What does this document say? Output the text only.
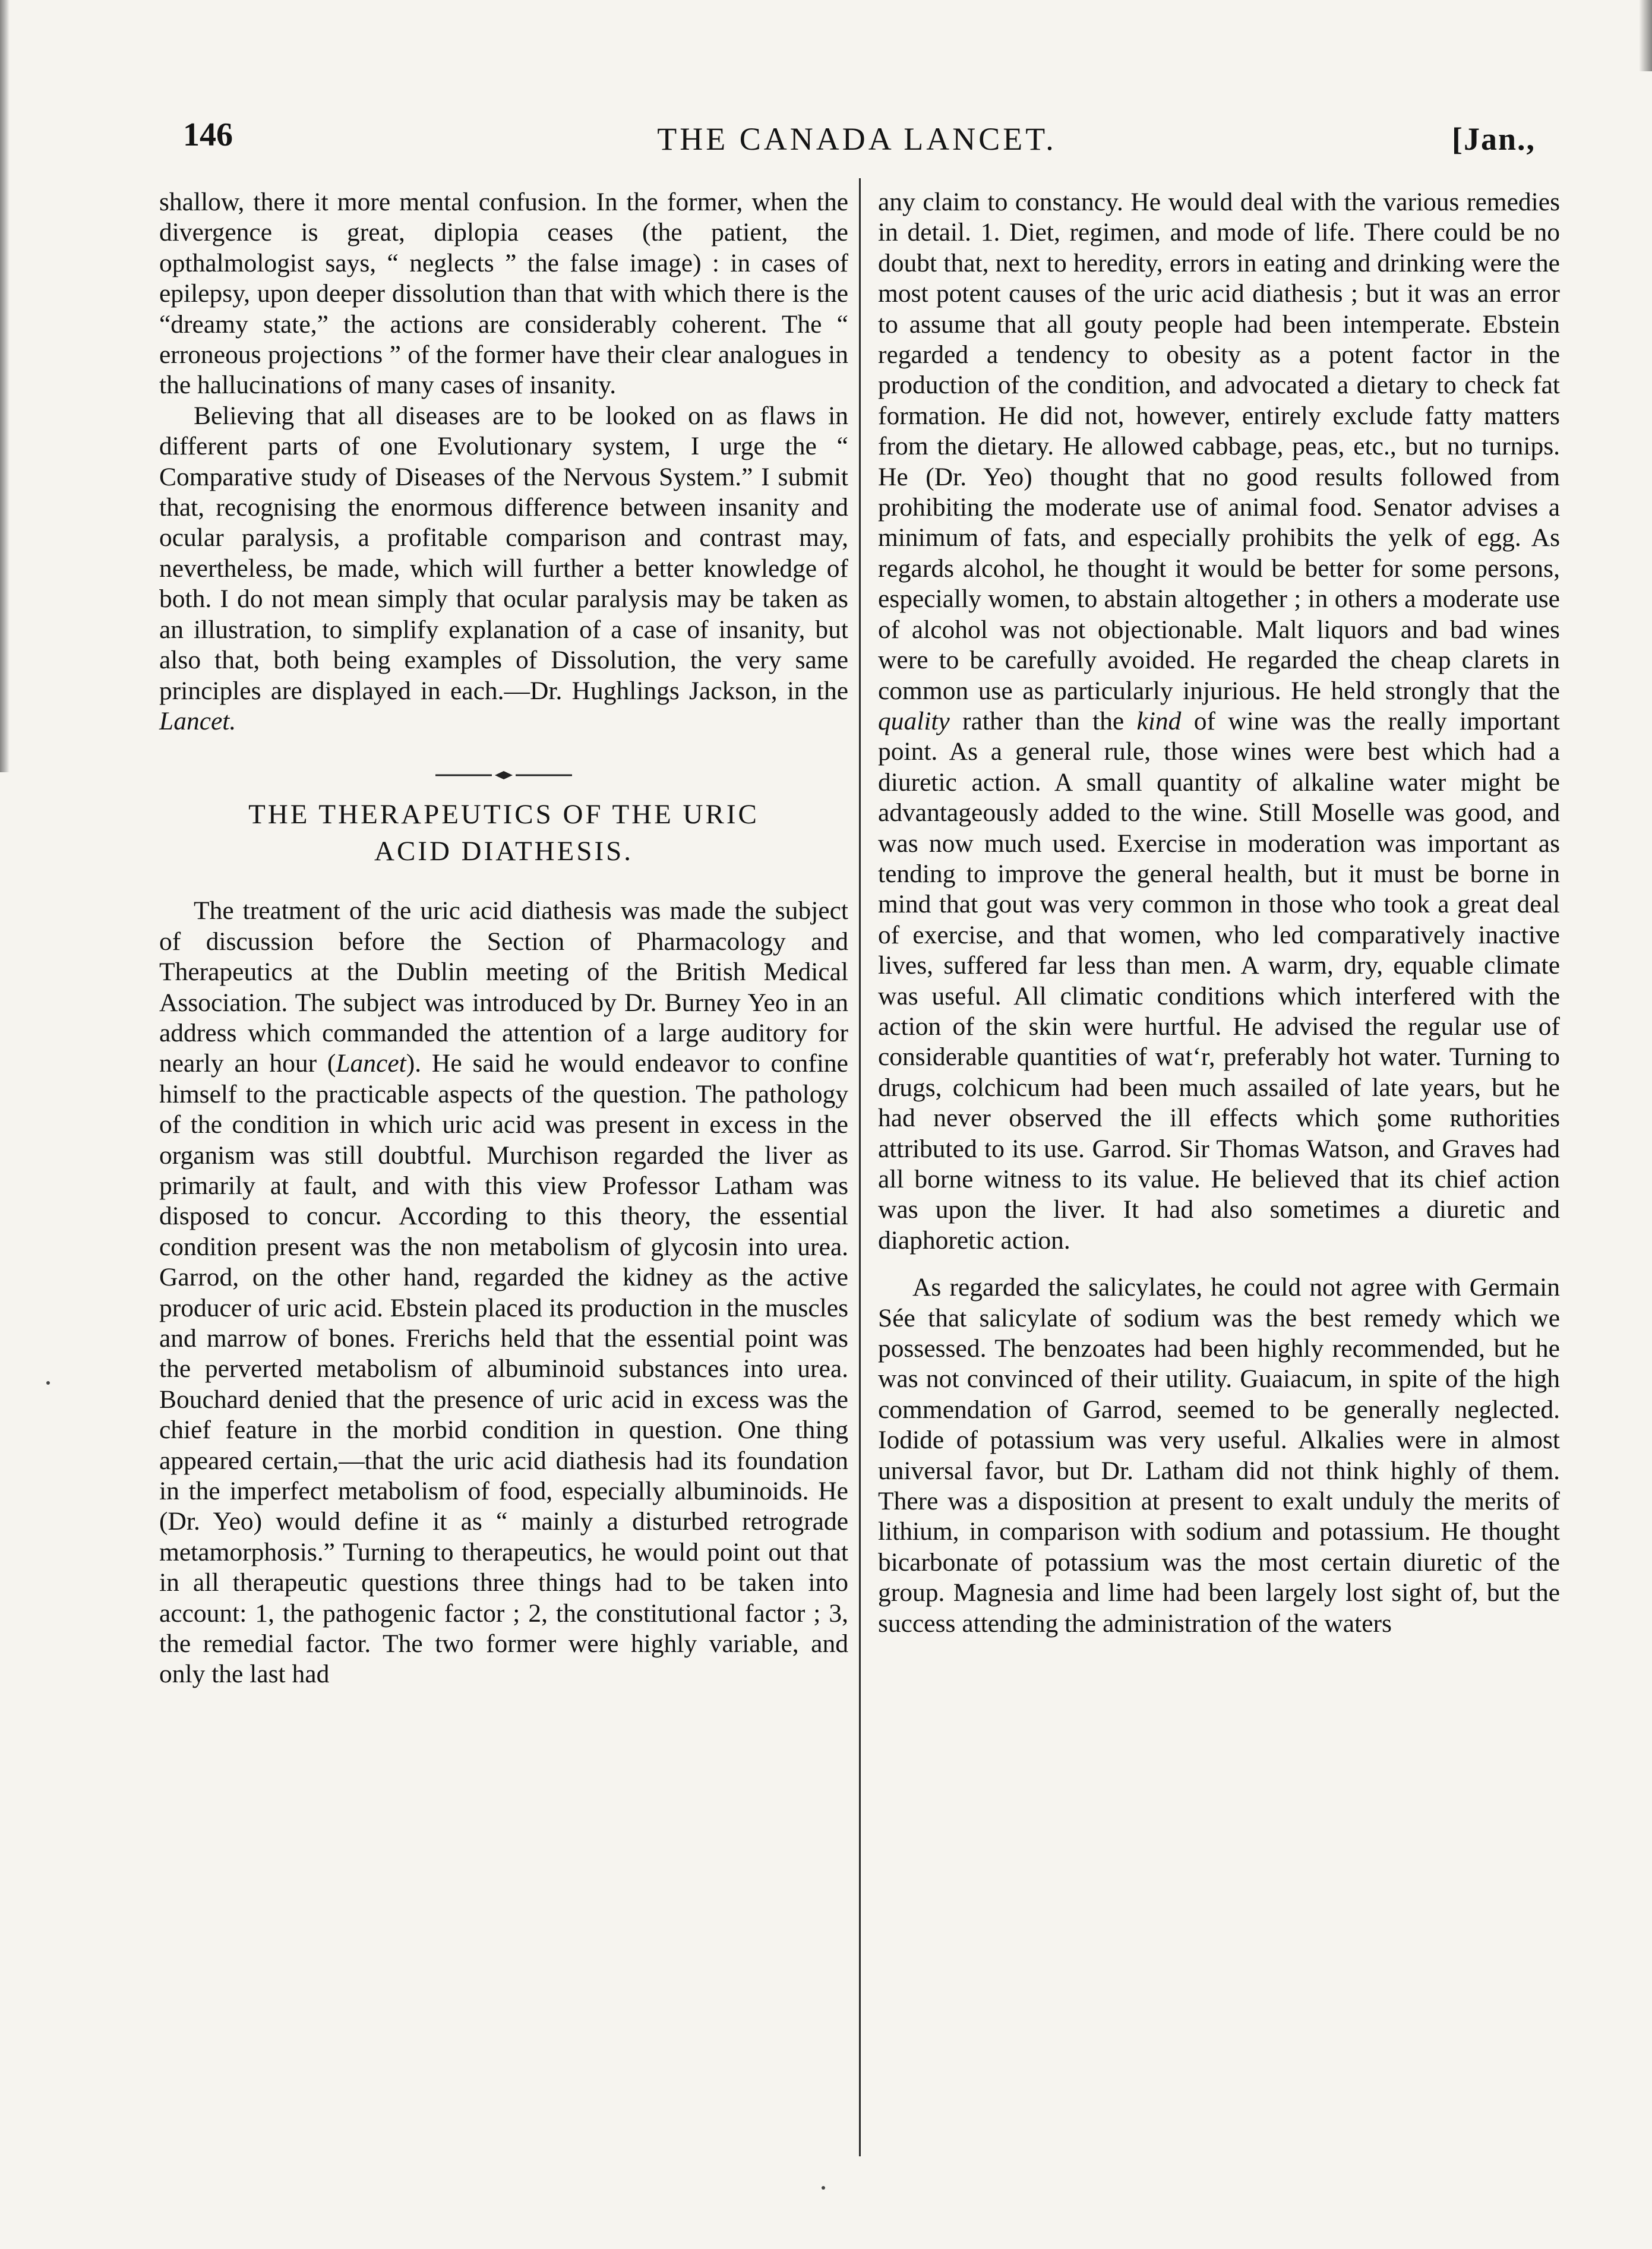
146	THE CANADA LANCET.	[Jan.,

shallow, there it more mental confusion. In the former, when the divergence is great, diplopia ceases (the patient, the opthalmologist says, “ neglects ” the false image) : in cases of epilepsy, upon deeper dissolution than that with which there is the “dreamy state,” the actions are considerably coherent. The “ erroneous projections ” of the former have their clear analogues in the hallucinations of many cases of insanity.

Believing that all diseases are to be looked on as flaws in different parts of one Evolutionary system, I urge the “ Comparative study of Diseases of the Nervous System.” I submit that, recognising the enormous difference between insanity and ocular paralysis, a profitable comparison and contrast may, nevertheless, be made, which will further a better knowledge of both. I do not mean simply that ocular paralysis may be taken as an illustration, to simplify explanation of a case of insanity, but also that, both being examples of Dissolution, the very same principles are displayed in each.—Dr. Hughlings Jackson, in the Lancet.

THE THERAPEUTICS OF THE URIC
ACID DIATHESIS.

The treatment of the uric acid diathesis was made the subject of discussion before the Section of Pharmacology and Therapeutics at the Dublin meeting of the British Medical Association. The subject was introduced by Dr. Burney Yeo in an address which commanded the attention of a large auditory for nearly an hour (Lancet). He said he would endeavor to confine himself to the practicable aspects of the question. The pathology of the condition in which uric acid was present in excess in the organism was still doubtful. Murchison regarded the liver as primarily at fault, and with this view Professor Latham was disposed to concur. According to this theory, the essential condition present was the non metabolism of glycosin into urea. Garrod, on the other hand, regarded the kidney as the active producer of uric acid. Ebstein placed its production in the muscles and marrow of bones. Frerichs held that the essential point was the perverted metabolism of albuminoid substances into urea. Bouchard denied that the presence of uric acid in excess was the chief feature in the morbid condition in question. One thing appeared certain,—that the uric acid diathesis had its foundation in the imperfect metabolism of food, especially albuminoids. He (Dr. Yeo) would define it as “ mainly a disturbed retrograde metamorphosis.” Turning to therapeutics, he would point out that in all therapeutic questions three things had to be taken into account: 1, the pathogenic factor ; 2, the constitutional factor ; 3, the remedial factor. The two former were highly variable, and only the last had

any claim to constancy. He would deal with the various remedies in detail. 1. Diet, regimen, and mode of life. There could be no doubt that, next to heredity, errors in eating and drinking were the most potent causes of the uric acid diathesis ; but it was an error to assume that all gouty people had been intemperate. Ebstein regarded a tendency to obesity as a potent factor in the production of the condition, and advocated a dietary to check fat formation. He did not, however, entirely exclude fatty matters from the dietary. He allowed cabbage, peas, etc., but no turnips. He (Dr. Yeo) thought that no good results followed from prohibiting the moderate use of animal food. Senator advises a minimum of fats, and especially prohibits the yelk of egg. As regards alcohol, he thought it would be better for some persons, especially women, to abstain altogether ; in others a moderate use of alcohol was not objectionable. Malt liquors and bad wines were to be carefully avoided. He regarded the cheap clarets in common use as particularly injurious. He held strongly that the quality rather than the kind of wine was the really important point. As a general rule, those wines were best which had a diuretic action. A small quantity of alkaline water might be advantageously added to the wine. Still Moselle was good, and was now much used. Exercise in moderation was important as tending to improve the general health, but it must be borne in mind that gout was very common in those who took a great deal of exercise, and that women, who led comparatively inactive lives, suffered far less than men. A warm, dry, equable climate was useful. All climatic conditions which interfered with the action of the skin were hurtful. He advised the regular use of considerable quantities of watʻr, preferably hot water. Turning to drugs, colchicum had been much assailed of late years, but he had never observed the ill effects which ʂome ʀuthorities attributed to its use. Garrod. Sir Thomas Watson, and Graves had all borne witness to its value. He believed that its chief action was upon the liver. It had also sometimes a diuretic and diaphoretic action.

As regarded the salicylates, he could not agree with Germain Sée that salicylate of sodium was the best remedy which we possessed. The benzoates had been highly recommended, but he was not convinced of their utility. Guaiacum, in spite of the high commendation of Garrod, seemed to be generally neglected. Iodide of potassium was very useful. Alkalies were in almost universal favor, but Dr. Latham did not think highly of them. There was a disposition at present to exalt unduly the merits of lithium, in comparison with sodium and potassium. He thought bicarbonate of potassium was the most certain diuretic of the group. Magnesia and lime had been largely lost sight of, but the success attending the administration of the waters
